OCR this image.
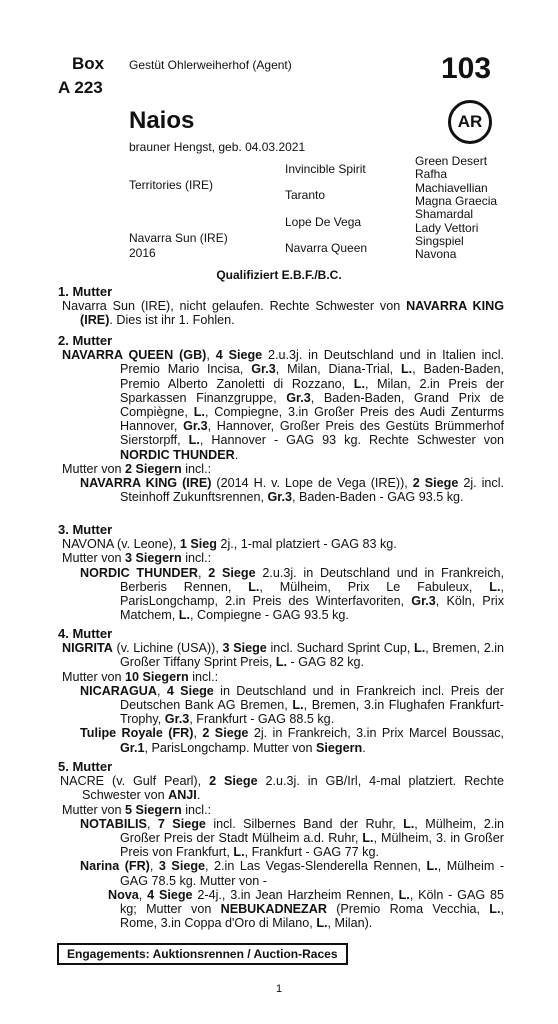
Box
A 223
Gestüt Ohlerweiherhof (Agent)	103
AR
Naios
brauner Hengst, geb. 04.03.2021
Territories (IRE)
Navarra Sun (IRE)
2016
Invincible Spirit
Taranto
Lope De Vega
Navarra Queen
Green Desert
Rafha
Machiavellian
Magna Graecia
Shamardal
Lady Vettori
Singspiel
Navona
Qualifiziert E.B.F./B.C.
1. Mutter

Navarra Sun (IRE), nicht gelaufen. Rechte Schwester von NAVARRA KING (IRE). Dies ist ihr 1. Fohlen.

2. Mutter

NAVARRA QUEEN (GB), 4 Siege 2.u.3j. in Deutschland und in Italien incl. Premio Mario Incisa, Gr.3, Milan, Diana-Trial, L., Baden-Baden, Premio Alberto Zanoletti di Rozzano, L., Milan, 2.in Preis der Sparkassen Finanzgruppe, Gr.3, Baden-Baden, Grand Prix de Compiègne, L., Compiegne, 3.in Großer Preis des Audi Zenturms Hannover, Gr.3, Hannover, Großer Preis des Gestüts Brümmerhof Sierstorpff, L., Hannover - GAG 93 kg. Rechte Schwester von NORDIC THUNDER.

Mutter von 2 Siegern incl.:

NAVARRA KING (IRE) (2014 H. v. Lope de Vega (IRE)), 2 Siege 2j. incl. Steinhoff Zukunftsrennen, Gr.3, Baden-Baden - GAG 93.5 kg.

3. Mutter

NAVONA (v. Leone), 1 Sieg 2j., 1-mal platziert - GAG 83 kg.

Mutter von 3 Siegern incl.:

NORDIC THUNDER, 2 Siege 2.u.3j. in Deutschland und in Frankreich, Berberis Rennen, L., Mülheim, Prix Le Fabuleux, L., ParisLongchamp, 2.in Preis des Winterfavoriten, Gr.3, Köln, Prix Matchem, L., Compiegne - GAG 93.5 kg.

4. Mutter

NIGRITA (v. Lichine (USA)), 3 Siege incl. Suchard Sprint Cup, L., Bremen, 2.in Großer Tiffany Sprint Preis, L. - GAG 82 kg.

Mutter von 10 Siegern incl.:

NICARAGUA, 4 Siege in Deutschland und in Frankreich incl. Preis der Deutschen Bank AG Bremen, L., Bremen, 3.in Flughafen Frankfurt-Trophy, Gr.3, Frankfurt - GAG 88.5 kg.

Tulipe Royale (FR), 2 Siege 2j. in Frankreich, 3.in Prix Marcel Boussac, Gr.1, ParisLongchamp. Mutter von Siegern.

5. Mutter

NACRE (v. Gulf Pearl), 2 Siege 2.u.3j. in GB/Irl, 4-mal platziert. Rechte Schwester von ANJI.

Mutter von 5 Siegern incl.:

NOTABILIS, 7 Siege incl. Silbernes Band der Ruhr, L., Mülheim, 2.in Großer Preis der Stadt Mülheim a.d. Ruhr, L., Mülheim, 3. in Großer Preis von Frankfurt, L., Frankfurt - GAG 77 kg.

Narina (FR), 3 Siege, 2.in Las Vegas-Slenderella Rennen, L., Mülheim - GAG 78.5 kg. Mutter von -

Nova, 4 Siege 2-4j., 3.in Jean Harzheim Rennen, L., Köln - GAG 85 kg; Mutter von NEBUKADNEZAR (Premio Roma Vecchia, L., Rome, 3.in Coppa d'Oro di Milano, L., Milan).

Engagements: Auktionsrennen / Auction-Races
1
